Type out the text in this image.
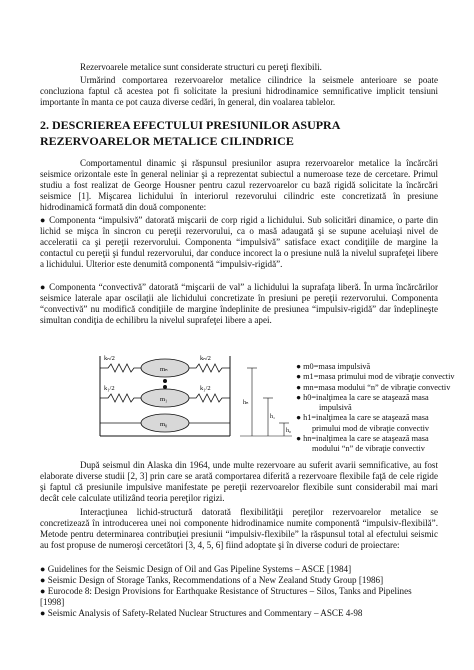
Rezervoarele metalice sunt considerate structuri cu pereţi flexibili.

Urmărind comportarea rezervoarelor metalice cilindrice la seismele anterioare se poate concluziona faptul că acestea pot fi solicitate la presiuni hidrodinamice semnificative implicit tensiuni importante în manta ce pot cauza diverse cedări, în general, din voalarea tablelor.

2. DESCRIEREA EFECTULUI PRESIUNILOR ASUPRA

REZERVOARELOR METALICE CILINDRICE

Comportamentul dinamic şi răspunsul presiunilor asupra rezervoarelor metalice la încărcări seismice orizontale este în general neliniar şi a reprezentat subiectul a numeroase teze de cercetare. Primul studiu a fost realizat de George Housner pentru cazul rezervoarelor cu bază rigidă solicitate la încărcări seismice [1]. Mişcarea lichidului în interiorul rezevorului cilindric este concretizată în presiune hidrodinamică formată din două componente:

● Componenta “impulsivă” datorată mişcarii de corp rigid a lichidului. Sub solicitări dinamice, o parte din lichid se mişca în sincron cu pereţii rezervorului, ca o masă adaugată şi se supune aceluiaşi nivel de acceleratii ca şi pereţii rezervorului. Componenta “impulsivă” satisface exact condiţiile de margine la contactul cu pereţii şi fundul rezervorului, dar conduce incorect la o presiune nulă la nivelul suprafeţei libere a lichidului. Ulterior este denumită componentă “impulsiv-rigidă”.

● Componenta “convectivă” datorată “mişcarii de val” a lichidului la suprafaţa liberă. În urma încărcărilor seismice laterale apar oscilaţii ale lichidului concretizate în presiuni pe pereţii rezervorului. Componenta “convectivă” nu modifică condiţiile de margine îndeplinite de presiunea “impulsiv-rigidă” dar îndeplineşte simultan condiţia de echilibru la nivelul suprafeţei libere a apei.

kₙ/2	kₙ/2
k₁/2	k₁/2
mₙ
m₁
m₀
hₙ
h₁
h₀
● m0=masa impulsivă
● m1=masa primului mod de vibraţie convectiv
● mn=masa modului “n” de vibraţie convectiv
● h0=inalţimea la care se ataşează masa
impulsivă
● h1=inalţimea la care se ataşează masa
primului mod de vibraţie convectiv
● hn=inalţimea la care se ataşează masa
modului “n” de vibraţie convectiv

După seismul din Alaska din 1964, unde multe rezervoare au suferit avarii semnificative, au fost elaborate diverse studii [2, 3] prin care se arată comportarea diferită a rezervoare flexibile faţă de cele rigide şi faptul că presiunile impulsive manifestate pe pereţii rezervoarelor flexibile sunt considerabil mai mari decât cele calculate utilizând teoria pereţilor rigizi.

Interacţiunea lichid-structură datorată flexibilităţii pereţilor rezervoarelor metalice se concretizează în introducerea unei noi componente hidrodinamice numite componentă “impulsiv-flexibilă”. Metode pentru determinarea contribuţiei presiunii “impulsiv-flexibile” la răspunsul total al efectului seismic au fost propuse de numeroşi cercetători [3, 4, 5, 6] fiind adoptate şi în diverse coduri de proiectare:

● Guidelines for the Seismic Design of Oil and Gas Pipeline Systems – ASCE [1984]

● Seismic Design of Storage Tanks, Recommendations of a New Zealand Study Group [1986]

● Eurocode 8: Design Provisions for Earthquake Resistance of Structures – Silos, Tanks and Pipelines [1998]

● Seismic Analysis of Safety-Related Nuclear Structures and Commentary – ASCE 4-98
